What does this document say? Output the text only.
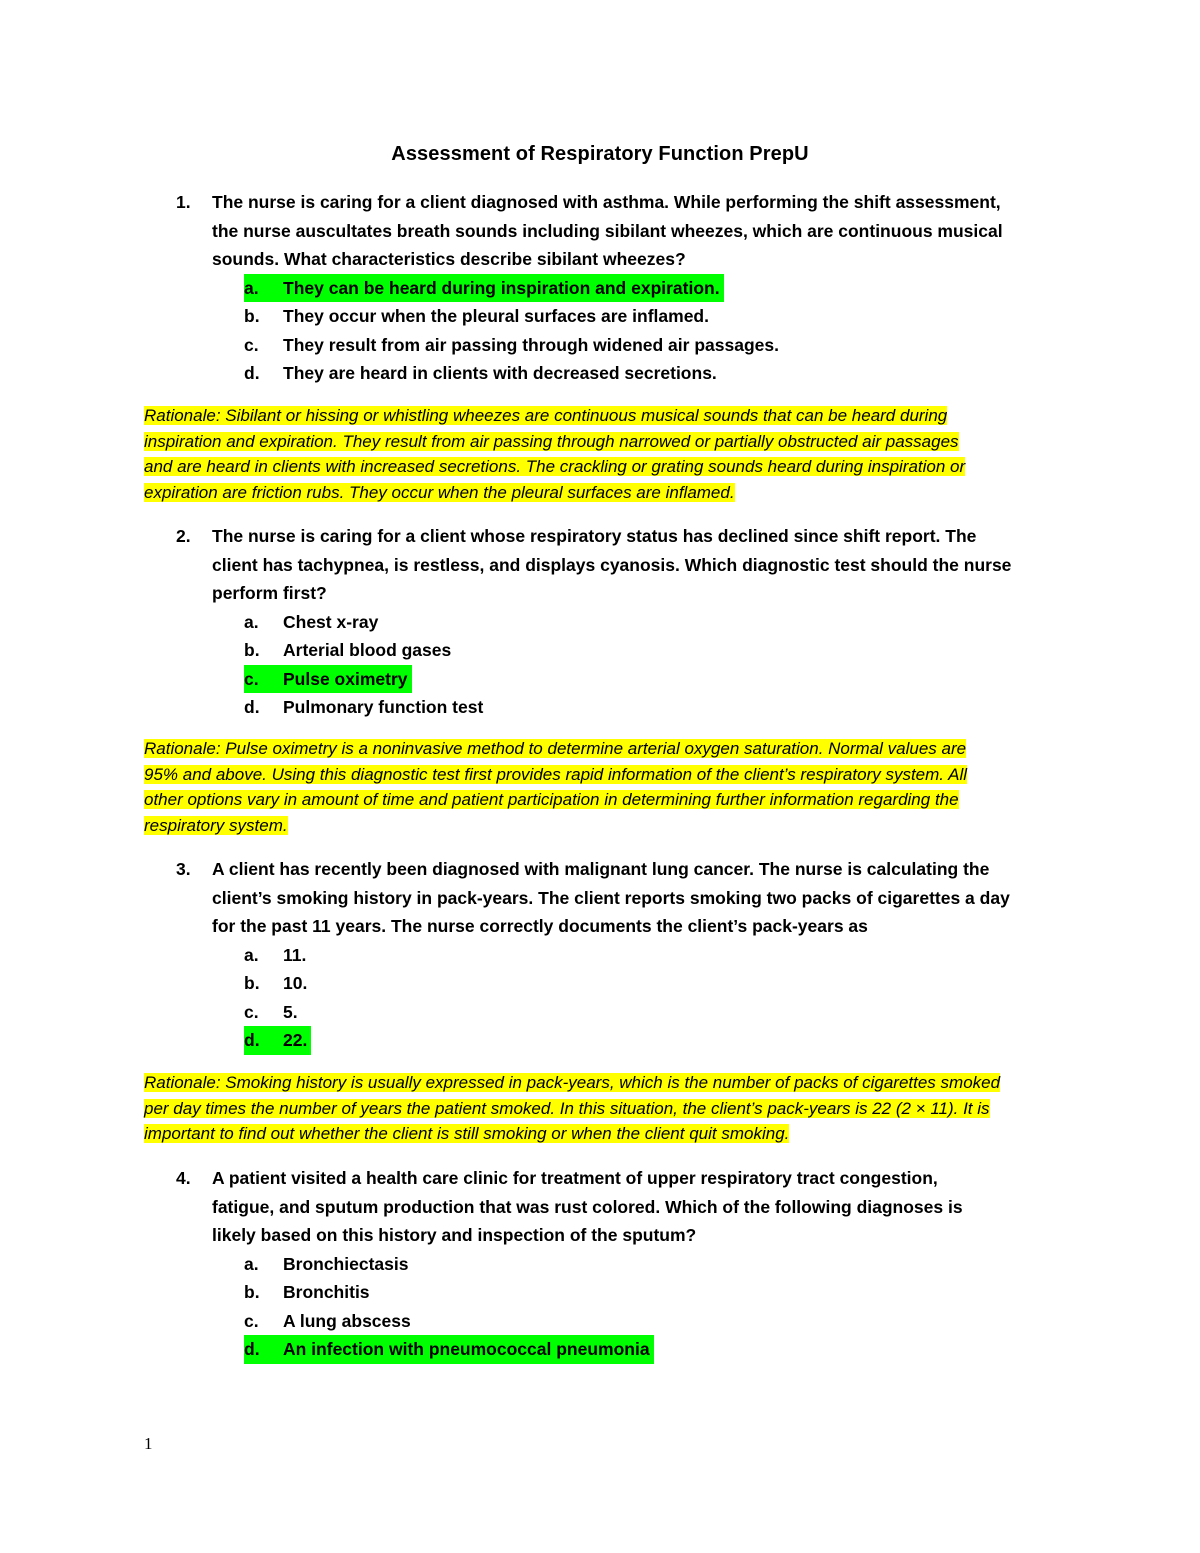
Assessment of Respiratory Function PrepU
1. The nurse is caring for a client diagnosed with asthma. While performing the shift assessment,
the nurse auscultates breath sounds including sibilant wheezes, which are continuous musical
sounds. What characteristics describe sibilant wheezes?
a. They can be heard during inspiration and expiration.
b. They occur when the pleural surfaces are inflamed.
c. They result from air passing through widened air passages.
d. They are heard in clients with decreased secretions.
Rationale: Sibilant or hissing or whistling wheezes are continuous musical sounds that can be heard during
inspiration and expiration. They result from air passing through narrowed or partially obstructed air passages
and are heard in clients with increased secretions. The crackling or grating sounds heard during inspiration or
expiration are friction rubs. They occur when the pleural surfaces are inflamed.
2. The nurse is caring for a client whose respiratory status has declined since shift report. The
client has tachypnea, is restless, and displays cyanosis. Which diagnostic test should the nurse
perform first?
a. Chest x-ray
b. Arterial blood gases
c. Pulse oximetry
d. Pulmonary function test
Rationale: Pulse oximetry is a noninvasive method to determine arterial oxygen saturation. Normal values are
95% and above. Using this diagnostic test first provides rapid information of the client’s respiratory system. All
other options vary in amount of time and patient participation in determining further information regarding the
respiratory system.
3. A client has recently been diagnosed with malignant lung cancer. The nurse is calculating the
client’s smoking history in pack-years. The client reports smoking two packs of cigarettes a day
for the past 11 years. The nurse correctly documents the client’s pack-years as
a. 11.
b. 10.
c. 5.
d. 22.
Rationale: Smoking history is usually expressed in pack-years, which is the number of packs of cigarettes smoked
per day times the number of years the patient smoked. In this situation, the client’s pack-years is 22 (2 × 11). It is
important to find out whether the client is still smoking or when the client quit smoking.
4. A patient visited a health care clinic for treatment of upper respiratory tract congestion,
fatigue, and sputum production that was rust colored. Which of the following diagnoses is
likely based on this history and inspection of the sputum?
a. Bronchiectasis
b. Bronchitis
c. A lung abscess
d. An infection with pneumococcal pneumonia
1
